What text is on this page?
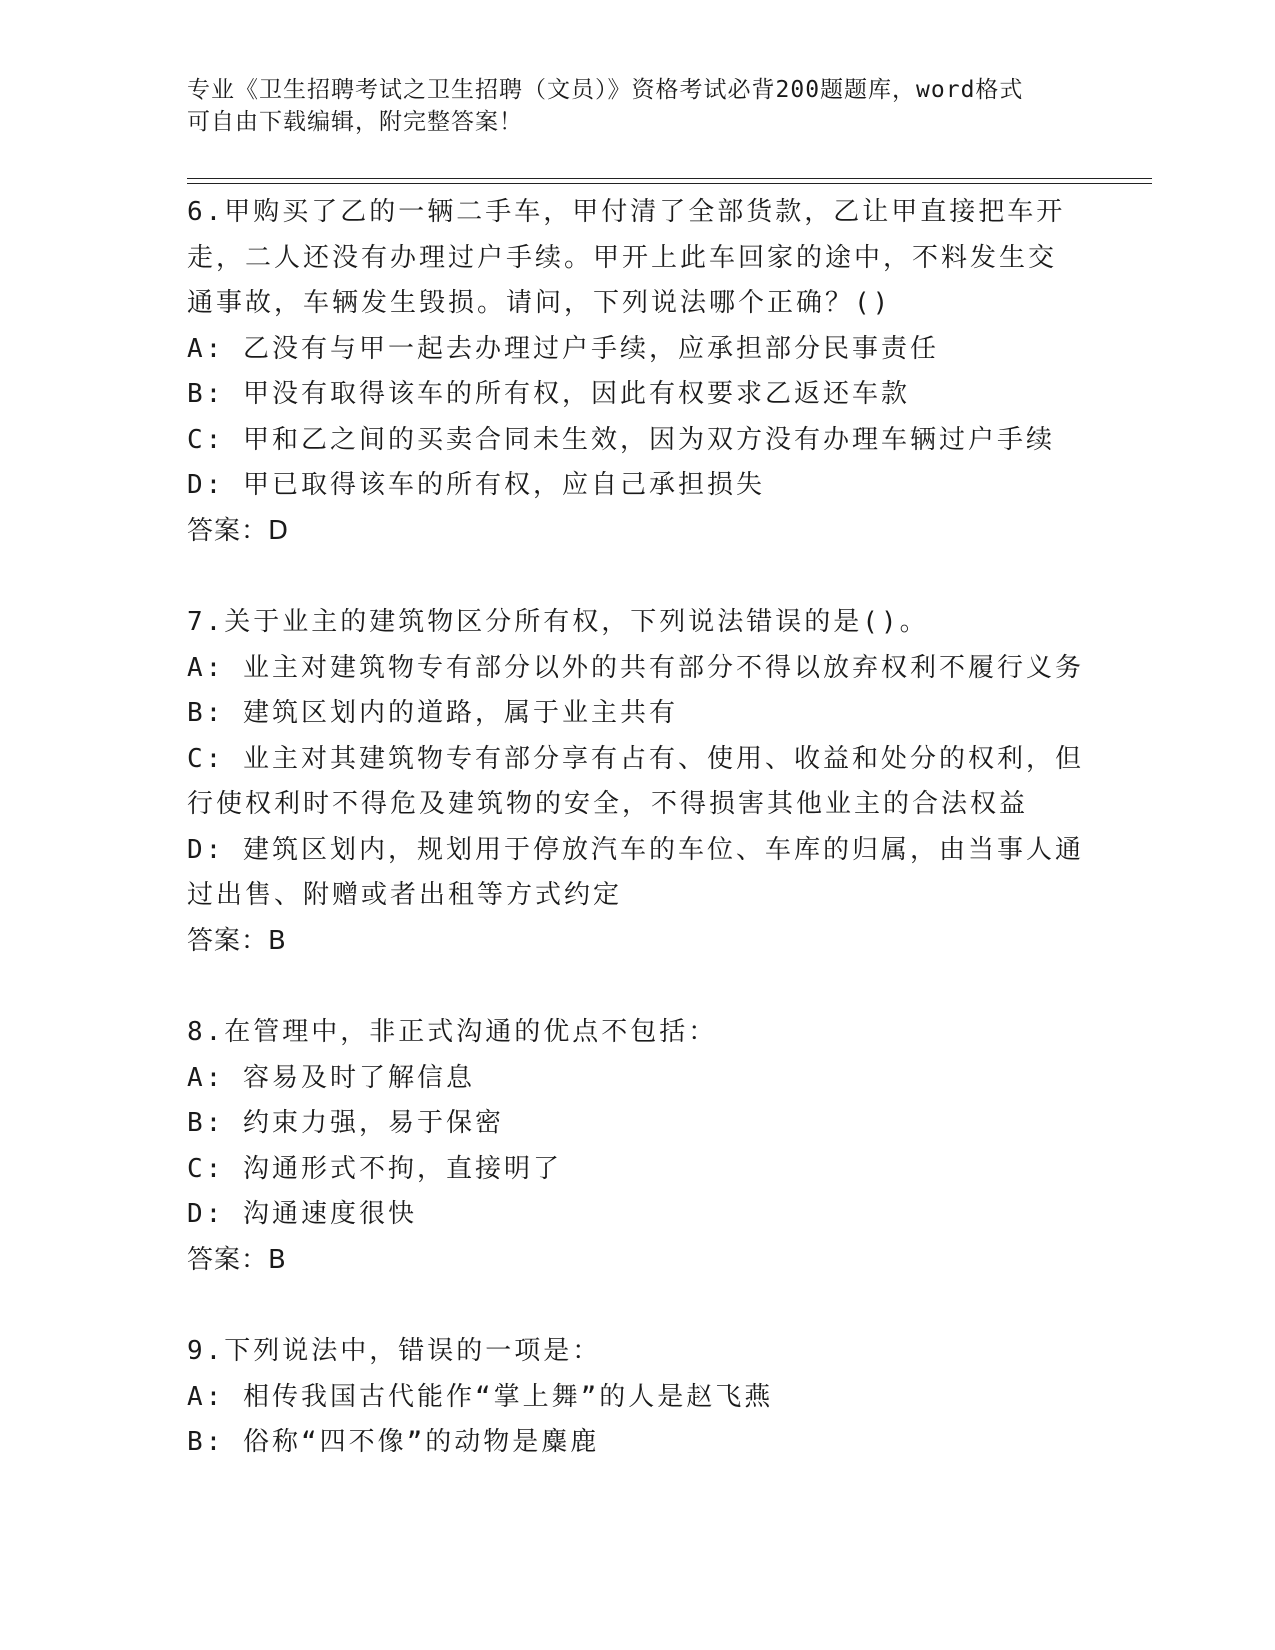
专业《卫生招聘考试之卫生招聘（文员）》资格考试必背200题题库，word格式
可自由下载编辑，附完整答案！
6.甲购买了乙的一辆二手车，甲付清了全部货款，乙让甲直接把车开
走，二人还没有办理过户手续。甲开上此车回家的途中，不料发生交
通事故，车辆发生毁损。请问，下列说法哪个正确？()
A: 乙没有与甲一起去办理过户手续，应承担部分民事责任
B: 甲没有取得该车的所有权，因此有权要求乙返还车款
C: 甲和乙之间的买卖合同未生效，因为双方没有办理车辆过户手续
D: 甲已取得该车的所有权，应自己承担损失
答案：D
7.关于业主的建筑物区分所有权，下列说法错误的是()。
A: 业主对建筑物专有部分以外的共有部分不得以放弃权利不履行义务
B: 建筑区划内的道路，属于业主共有
C: 业主对其建筑物专有部分享有占有、使用、收益和处分的权利，但
行使权利时不得危及建筑物的安全，不得损害其他业主的合法权益
D: 建筑区划内，规划用于停放汽车的车位、车库的归属，由当事人通
过出售、附赠或者出租等方式约定
答案：B
8.在管理中，非正式沟通的优点不包括：
A: 容易及时了解信息
B: 约束力强，易于保密
C: 沟通形式不拘，直接明了
D: 沟通速度很快
答案：B
9.下列说法中，错误的一项是：
A: 相传我国古代能作“掌上舞”的人是赵飞燕
B: 俗称“四不像”的动物是麋鹿
